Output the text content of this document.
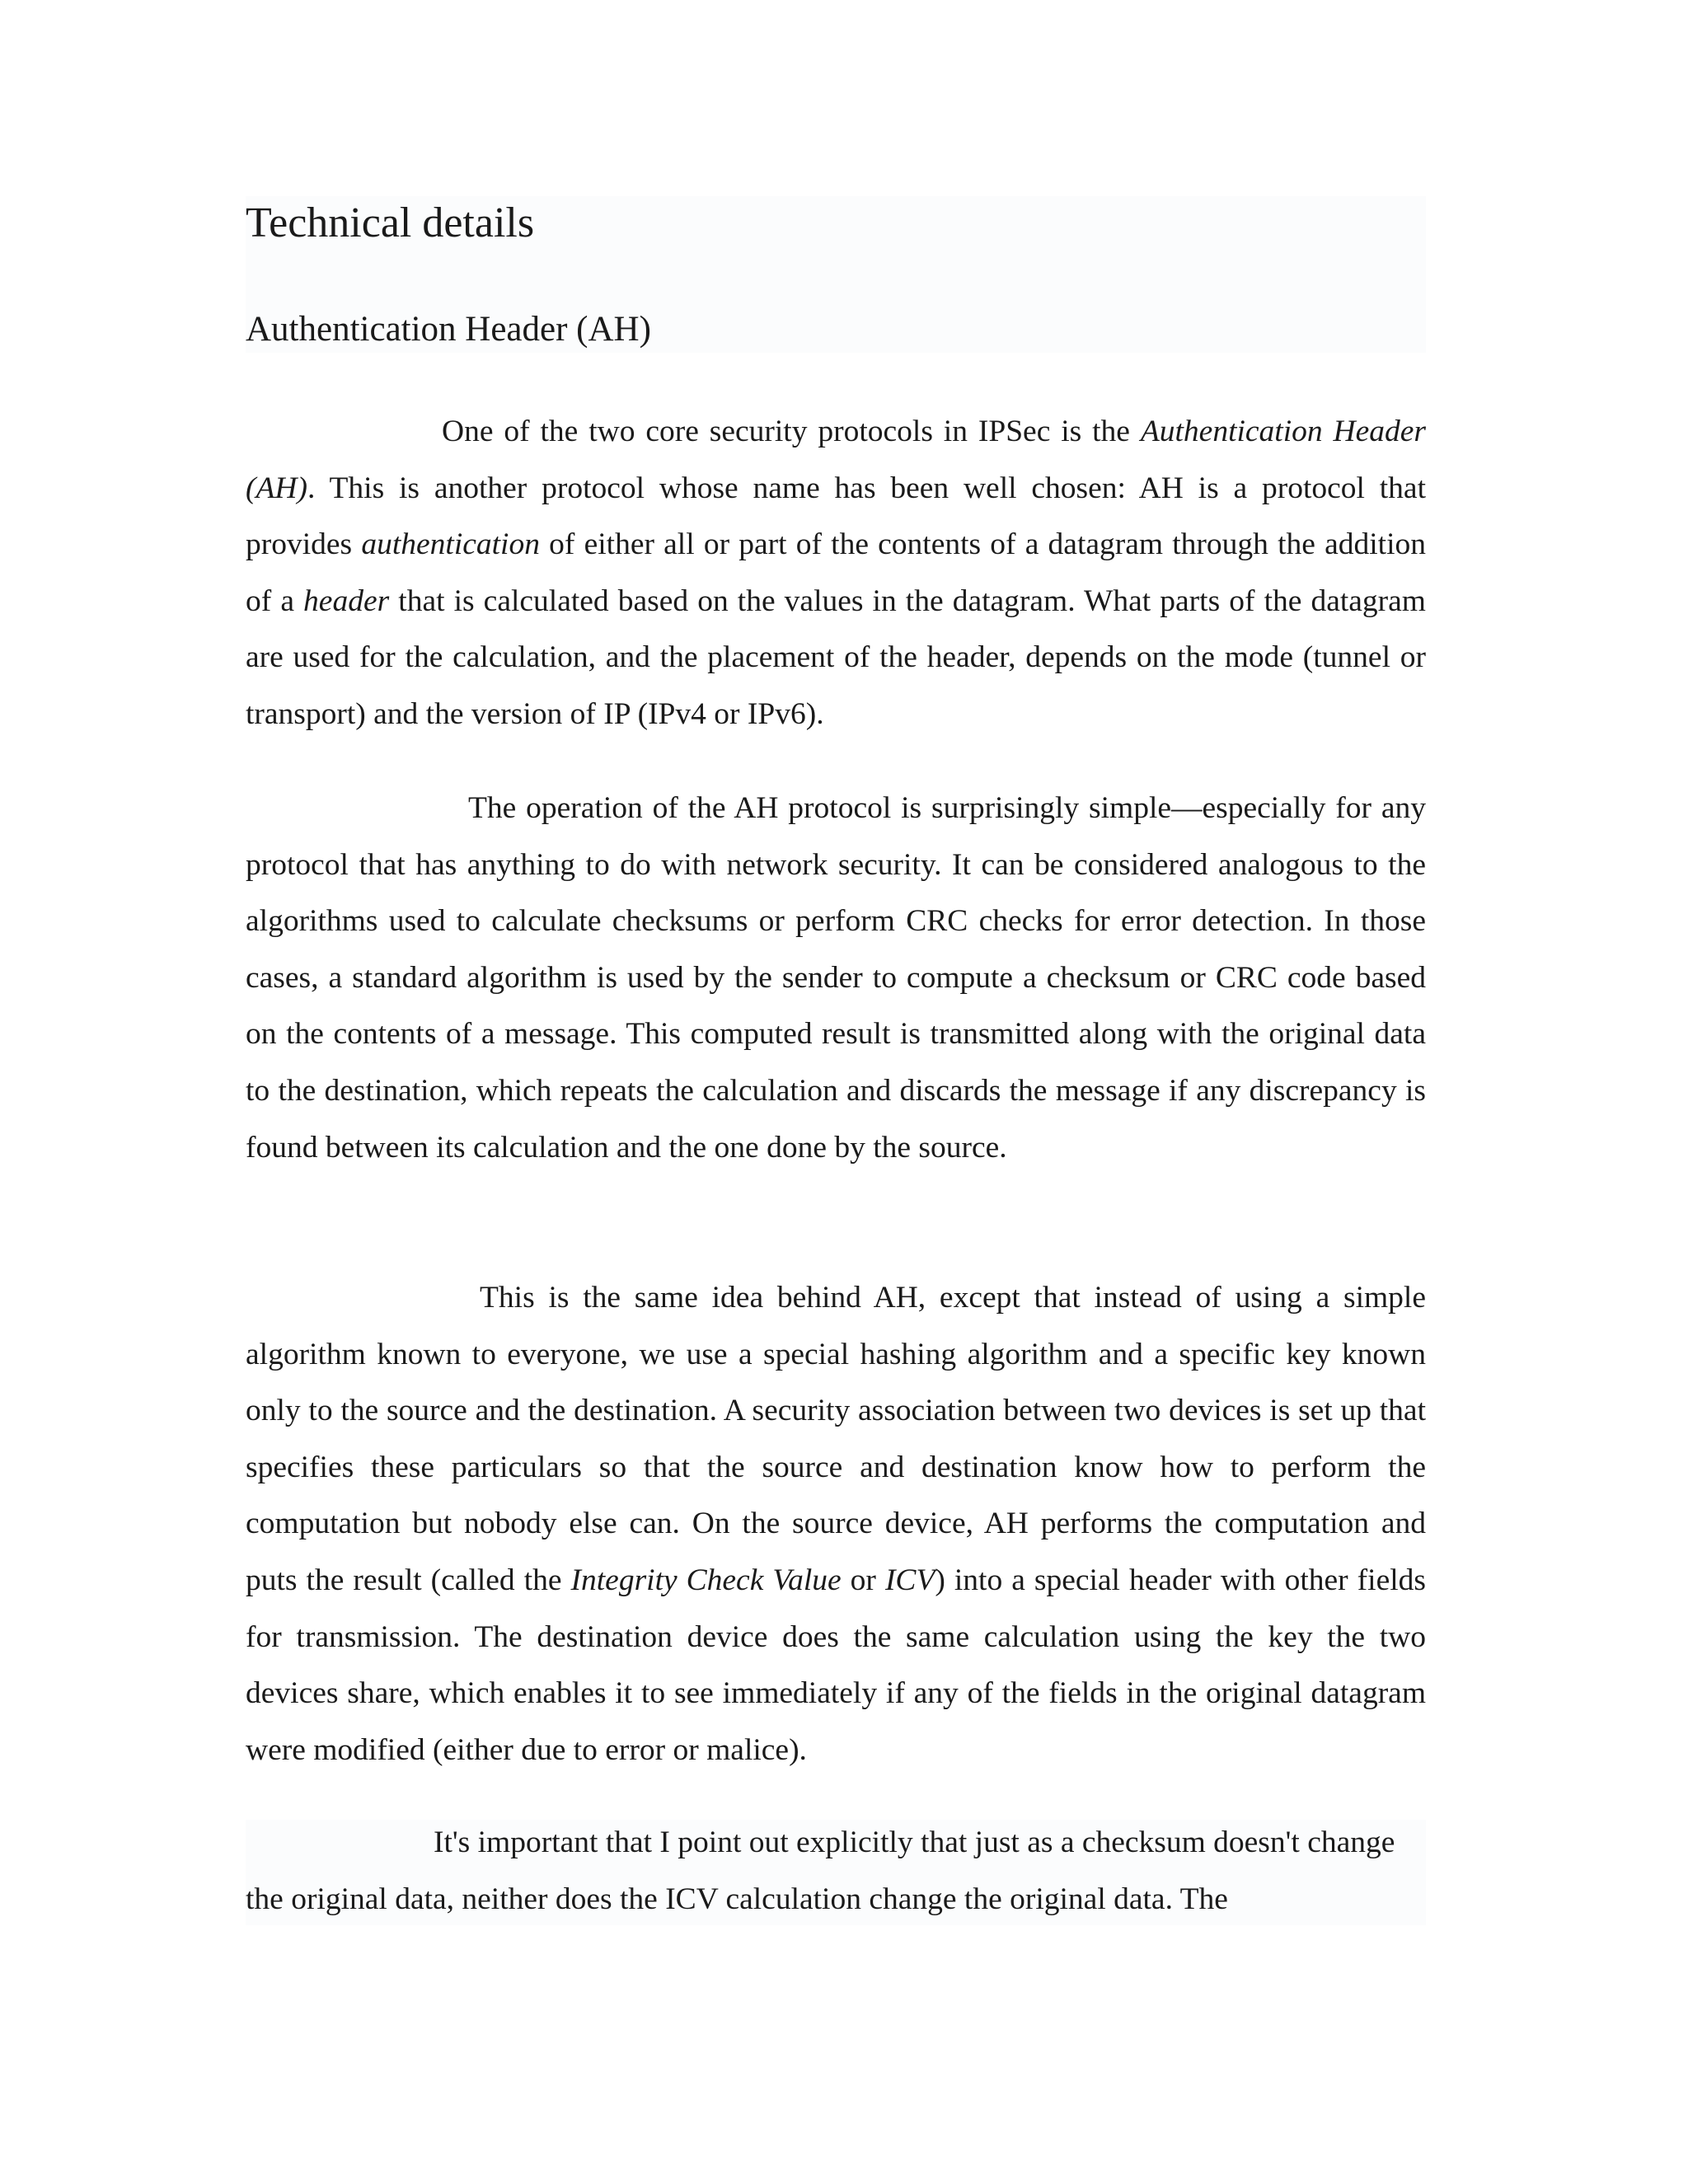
Technical details
Authentication Header (AH)

One of the two core security protocols in IPSec is the Authentication Header (AH). This is another protocol whose name has been well chosen: AH is a protocol that provides authentication of either all or part of the contents of a datagram through the addition of a header that is calculated based on the values in the datagram. What parts of the datagram are used for the calculation, and the placement of the header, depends on the mode (tunnel or transport) and the version of IP (IPv4 or IPv6).

The operation of the AH protocol is surprisingly simple—especially for any protocol that has anything to do with network security. It can be considered analogous to the algorithms used to calculate checksums or perform CRC checks for error detection. In those cases, a standard algorithm is used by the sender to compute a checksum or CRC code based on the contents of a message. This computed result is transmitted along with the original data to the destination, which repeats the calculation and discards the message if any discrepancy is found between its calculation and the one done by the source.

This is the same idea behind AH, except that instead of using a simple algorithm known to everyone, we use a special hashing algorithm and a specific key known only to the source and the destination. A security association between two devices is set up that specifies these particulars so that the source and destination know how to perform the computation but nobody else can. On the source device, AH performs the computation and puts the result (called the Integrity Check Value or ICV) into a special header with other fields for transmission. The destination device does the same calculation using the key the two devices share, which enables it to see immediately if any of the fields in the original datagram were modified (either due to error or malice).

It's important that I point out explicitly that just as a checksum doesn't change the original data, neither does the ICV calculation change the original data. The
